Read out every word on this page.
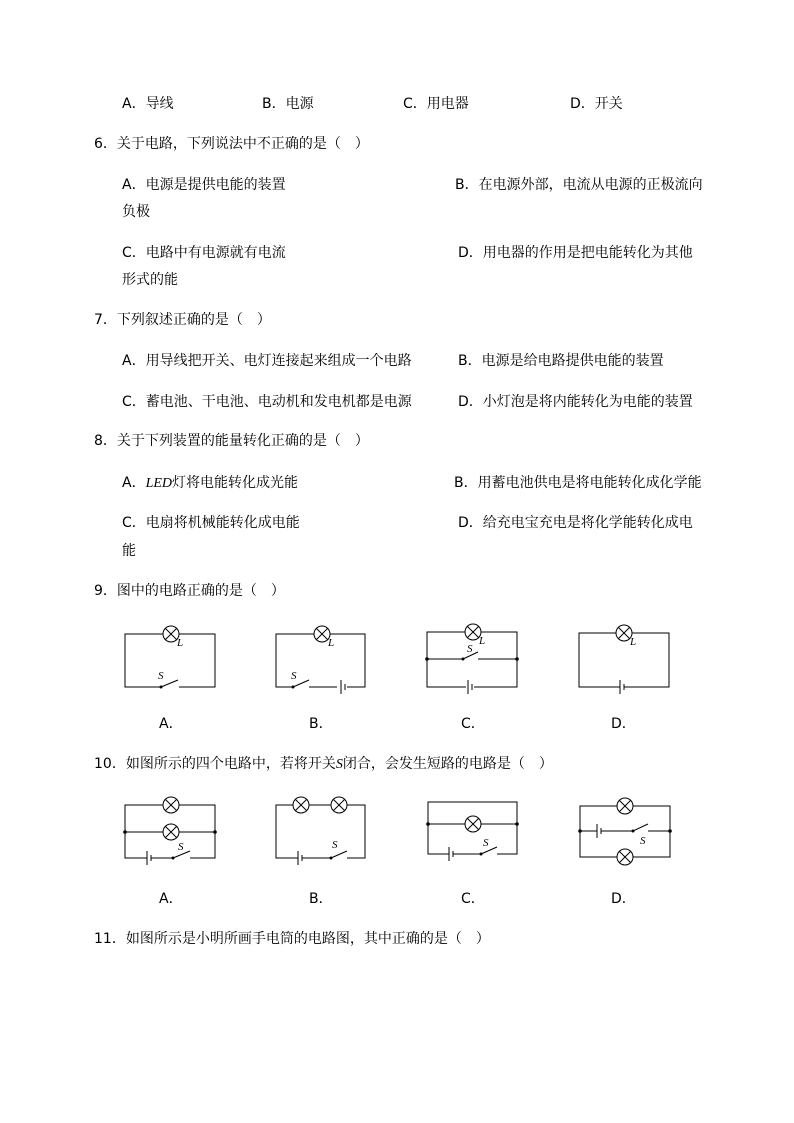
A．导线	B．电源	C．用电器	D．开关
6．关于电路，下列说法中不正确的是（　）
A．电源是提供电能的装置	B．在电源外部，电流从电源的正极流向
负极
C．电路中有电源就有电流	D．用电器的作用是把电能转化为其他
形式的能
7．下列叙述正确的是（　）
A．用导线把开关、电灯连接起来组成一个电路	B．电源是给电路提供电能的装置
C．蓄电池、干电池、电动机和发电机都是电源	D．小灯泡是将内能转化为电能的装置
8．关于下列装置的能量转化正确的是（　）
A．LED灯将电能转化成光能	B．用蓄电池供电是将电能转化成化学能
C．电扇将机械能转化成电能	D．给充电宝充电是将化学能转化成电
能
9．图中的电路正确的是（　）
L
S
L
S
L
S
L
A．	B．	C．	D．
10．如图所示的四个电路中，若将开关S闭合，会发生短路的电路是（　）
S	S	S	S
A．	B．	C．	D．
11．如图所示是小明所画手电筒的电路图，其中正确的是（　）
